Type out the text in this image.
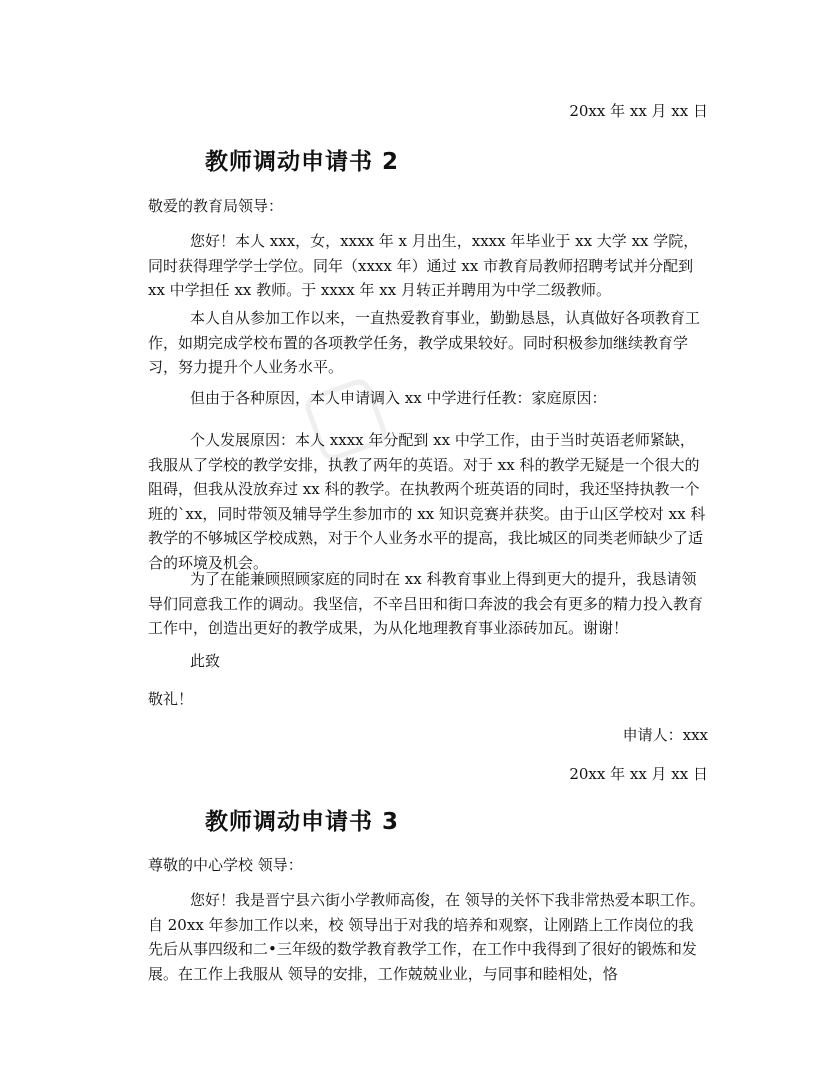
▢
20xx 年 xx 月 xx 日
教师调动申请书 2
敬爱的教育局领导：

您好！本人 xxx，女，xxxx 年 x 月出生，xxxx 年毕业于 xx 大学 xx 学院，同时获得理学学士学位。同年（xxxx 年）通过 xx 市教育局教师招聘考试并分配到 xx 中学担任 xx 教师。于 xxxx 年 xx 月转正并聘用为中学二级教师。

本人自从参加工作以来，一直热爱教育事业，勤勤恳恳，认真做好各项教育工作，如期完成学校布置的各项教学任务，教学成果较好。同时积极参加继续教育学习，努力提升个人业务水平。

但由于各种原因，本人申请调入 xx 中学进行任教：家庭原因：

个人发展原因：本人 xxxx 年分配到 xx 中学工作，由于当时英语老师紧缺，我服从了学校的教学安排，执教了两年的英语。对于 xx 科的教学无疑是一个很大的阻碍，但我从没放弃过 xx 科的教学。在执教两个班英语的同时，我还坚持执教一个班的`xx，同时带领及辅导学生参加市的 xx 知识竞赛并获奖。由于山区学校对 xx 科教学的不够城区学校成熟，对于个人业务水平的提高，我比城区的同类老师缺少了适合的环境及机会。

为了在能兼顾照顾家庭的同时在 xx 科教育事业上得到更大的提升，我恳请领导们同意我工作的调动。我坚信，不辛吕田和街口奔波的我会有更多的精力投入教育工作中，创造出更好的教学成果，为从化地理教育事业添砖加瓦。谢谢！

此致
敬礼！
申请人：xxx
20xx 年 xx 月 xx 日
教师调动申请书 3
尊敬的中心学校 领导：

您好！我是晋宁县六街小学教师高俊，在 领导的关怀下我非常热爱本职工作。自 20xx 年参加工作以来，校 领导出于对我的培养和观察，让刚踏上工作岗位的我先后从事四级和二•三年级的数学教育教学工作，在工作中我得到了很好的锻炼和发展。在工作上我服从 领导的安排，工作兢兢业业，与同事和睦相处，恪
